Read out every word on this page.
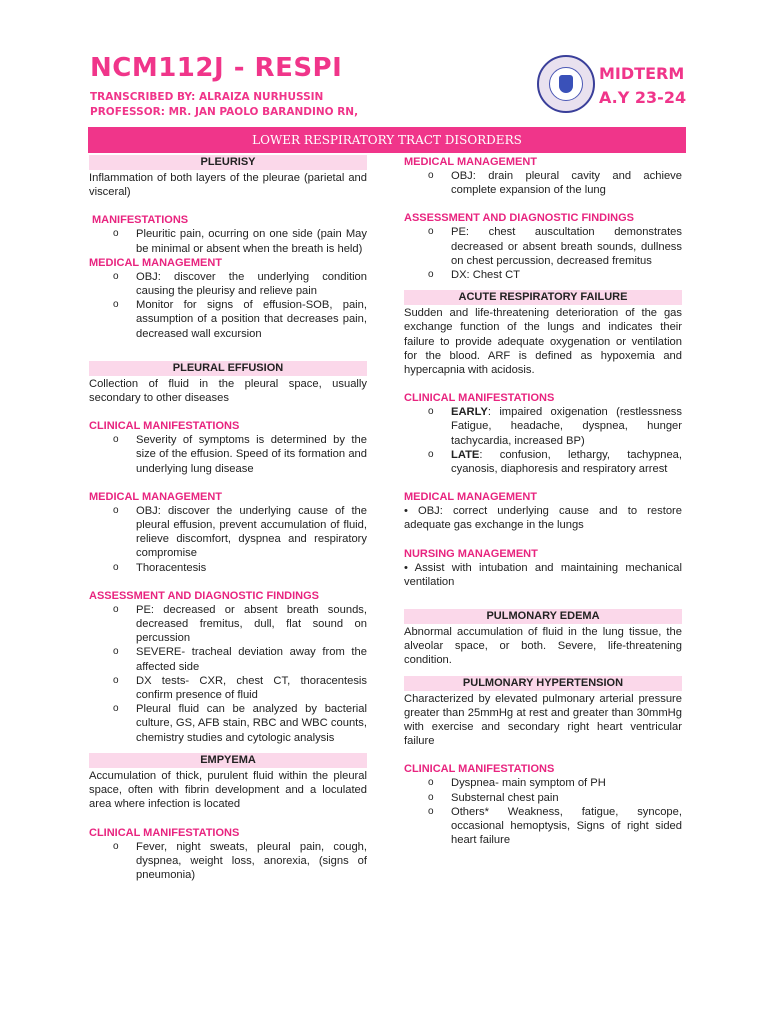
NCM112J - RESPI
TRANSCRIBED BY: ALRAIZA NURHUSSIN
PROFESSOR: MR. JAN PAOLO BARANDINO RN,
MIDTERM
A.Y 23-24
LOWER RESPIRATORY TRACT DISORDERS
PLEURISY
Inflammation of both layers of the pleurae (parietal and visceral)
MANIFESTATIONS
o Pleuritic pain, ocurring on one side (pain May be minimal or absent when the breath is held)
MEDICAL MANAGEMENT
o OBJ: discover the underlying condition causing the pleurisy and relieve pain
o Monitor for signs of effusion-SOB, pain, assumption of a position that decreases pain, decreased wall excursion
PLEURAL EFFUSION
Collection of fluid in the pleural space, usually secondary to other diseases
CLINICAL MANIFESTATIONS
o Severity of symptoms is determined by the size of the effusion. Speed of its formation and underlying lung disease
MEDICAL MANAGEMENT
o OBJ: discover the underlying cause of the pleural effusion, prevent accumulation of fluid, relieve discomfort, dyspnea and respiratory compromise
o Thoracentesis
ASSESSMENT AND DIAGNOSTIC FINDINGS
o PE: decreased or absent breath sounds, decreased fremitus, dull, flat sound on percussion
o SEVERE- tracheal deviation away from the affected side
o DX tests- CXR, chest CT, thoracentesis confirm presence of fluid
o Pleural fluid can be analyzed by bacterial culture, GS, AFB stain, RBC and WBC counts, chemistry studies and cytologic analysis
EMPYEMA
Accumulation of thick, purulent fluid within the pleural space, often with fibrin development and a loculated area where infection is located
CLINICAL MANIFESTATIONS
o Fever, night sweats, pleural pain, cough, dyspnea, weight loss, anorexia, (signs of pneumonia)
MEDICAL MANAGEMENT
o OBJ: drain pleural cavity and achieve complete expansion of the lung
ASSESSMENT AND DIAGNOSTIC FINDINGS
o PE: chest auscultation demonstrates decreased or absent breath sounds, dullness on chest percussion, decreased fremitus
o DX: Chest CT
ACUTE RESPIRATORY FAILURE
Sudden and life-threatening deterioration of the gas exchange function of the lungs and indicates their failure to provide adequate oxygenation or ventilation for the blood. ARF is defined as hypoxemia and hypercapnia with acidosis.
CLINICAL MANIFESTATIONS
o EARLY: impaired oxigenation (restlessness Fatigue, headache, dyspnea, hunger tachycardia, increased BP)
o LATE: confusion, lethargy, tachypnea, cyanosis, diaphoresis and respiratory arrest
MEDICAL MANAGEMENT
• OBJ: correct underlying cause and to restore adequate gas exchange in the lungs
NURSING MANAGEMENT
• Assist with intubation and maintaining mechanical ventilation
PULMONARY EDEMA
Abnormal accumulation of fluid in the lung tissue, the alveolar space, or both. Severe, life-threatening condition.
PULMONARY HYPERTENSION
Characterized by elevated pulmonary arterial pressure greater than 25mmHg at rest and greater than 30mmHg with exercise and secondary right heart ventricular failure
CLINICAL MANIFESTATIONS
o Dyspnea- main symptom of PH
o Substernal chest pain
o Others* Weakness, fatigue, syncope, occasional hemoptysis, Signs of right sided heart failure
